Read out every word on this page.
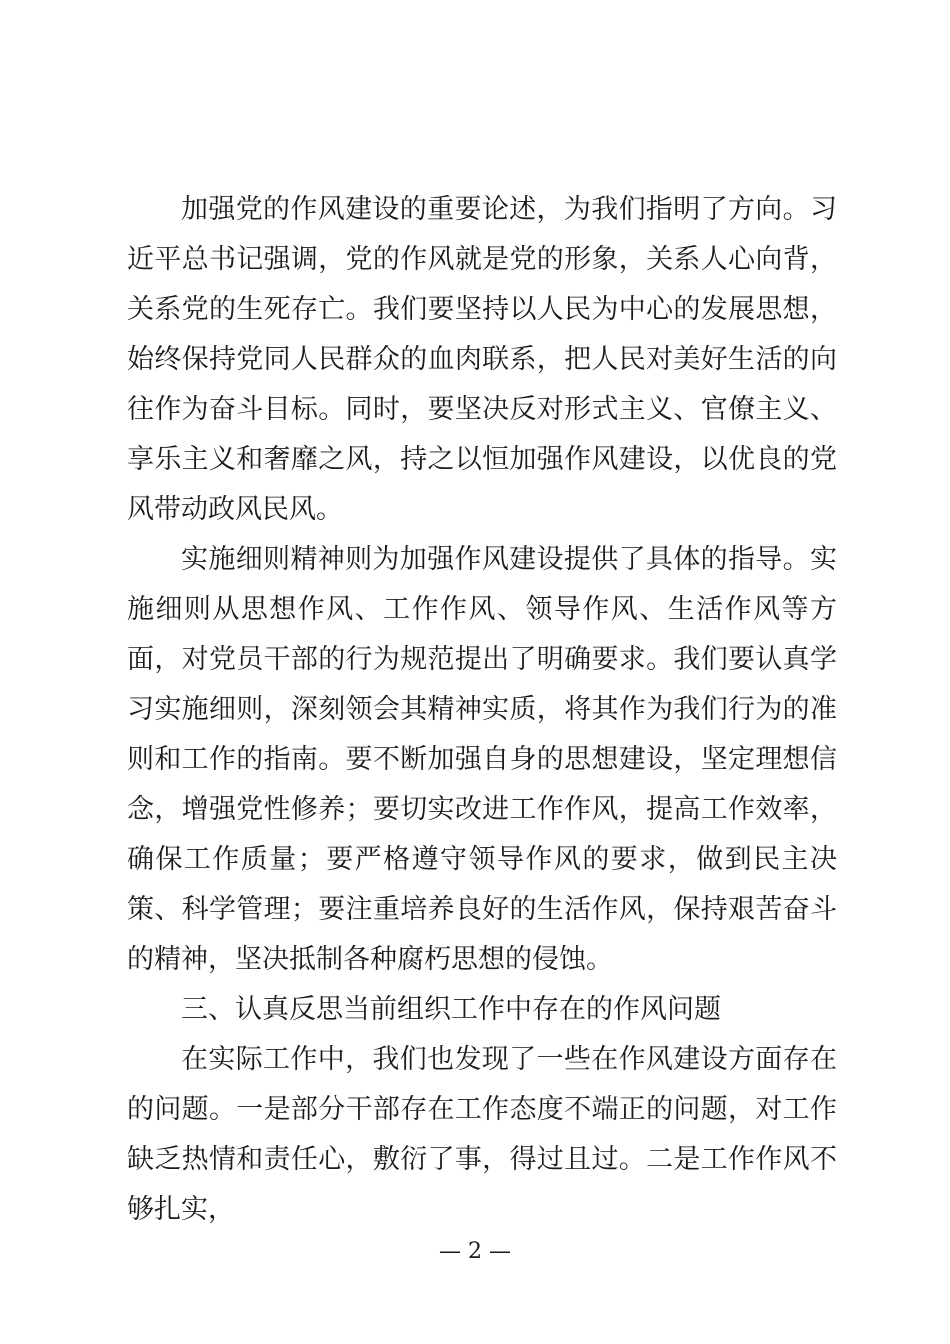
加强党的作风建设的重要论述，为我们指明了方向。习近平总书记强调，党的作风就是党的形象，关系人心向背，关系党的生死存亡。我们要坚持以人民为中心的发展思想，始终保持党同人民群众的血肉联系，把人民对美好生活的向往作为奋斗目标。同时，要坚决反对形式主义、官僚主义、享乐主义和奢靡之风，持之以恒加强作风建设，以优良的党风带动政风民风。

实施细则精神则为加强作风建设提供了具体的指导。实施细则从思想作风、工作作风、领导作风、生活作风等方面，对党员干部的行为规范提出了明确要求。我们要认真学习实施细则，深刻领会其精神实质，将其作为我们行为的准则和工作的指南。要不断加强自身的思想建设，坚定理想信念，增强党性修养；要切实改进工作作风，提高工作效率，确保工作质量；要严格遵守领导作风的要求，做到民主决策、科学管理；要注重培养良好的生活作风，保持艰苦奋斗的精神，坚决抵制各种腐朽思想的侵蚀。

三、认真反思当前组织工作中存在的作风问题

在实际工作中，我们也发现了一些在作风建设方面存在的问题。一是部分干部存在工作态度不端正的问题，对工作缺乏热情和责任心，敷衍了事，得过且过。二是工作作风不够扎实，

— 2 —
